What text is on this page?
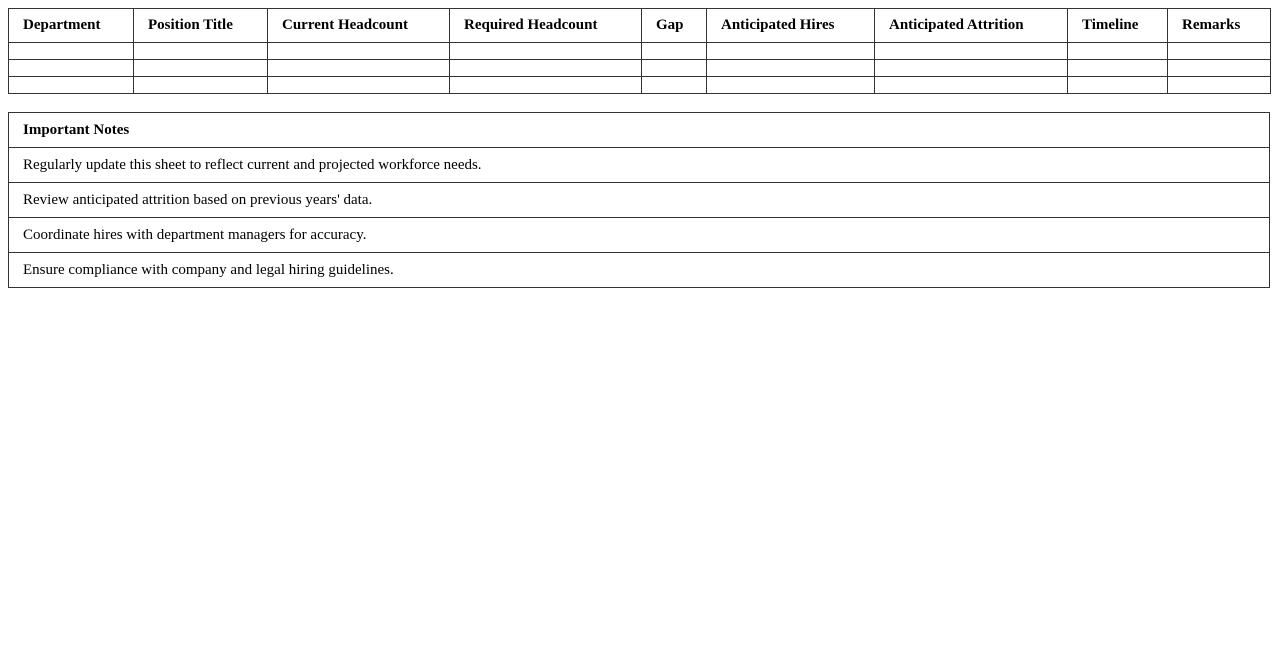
Department	Position Title	Current Headcount	Required Headcount	Gap	Anticipated Hires	Anticipated Attrition	Timeline	Remarks

Important Notes
Regularly update this sheet to reflect current and projected workforce needs.
Review anticipated attrition based on previous years' data.
Coordinate hires with department managers for accuracy.
Ensure compliance with company and legal hiring guidelines.
